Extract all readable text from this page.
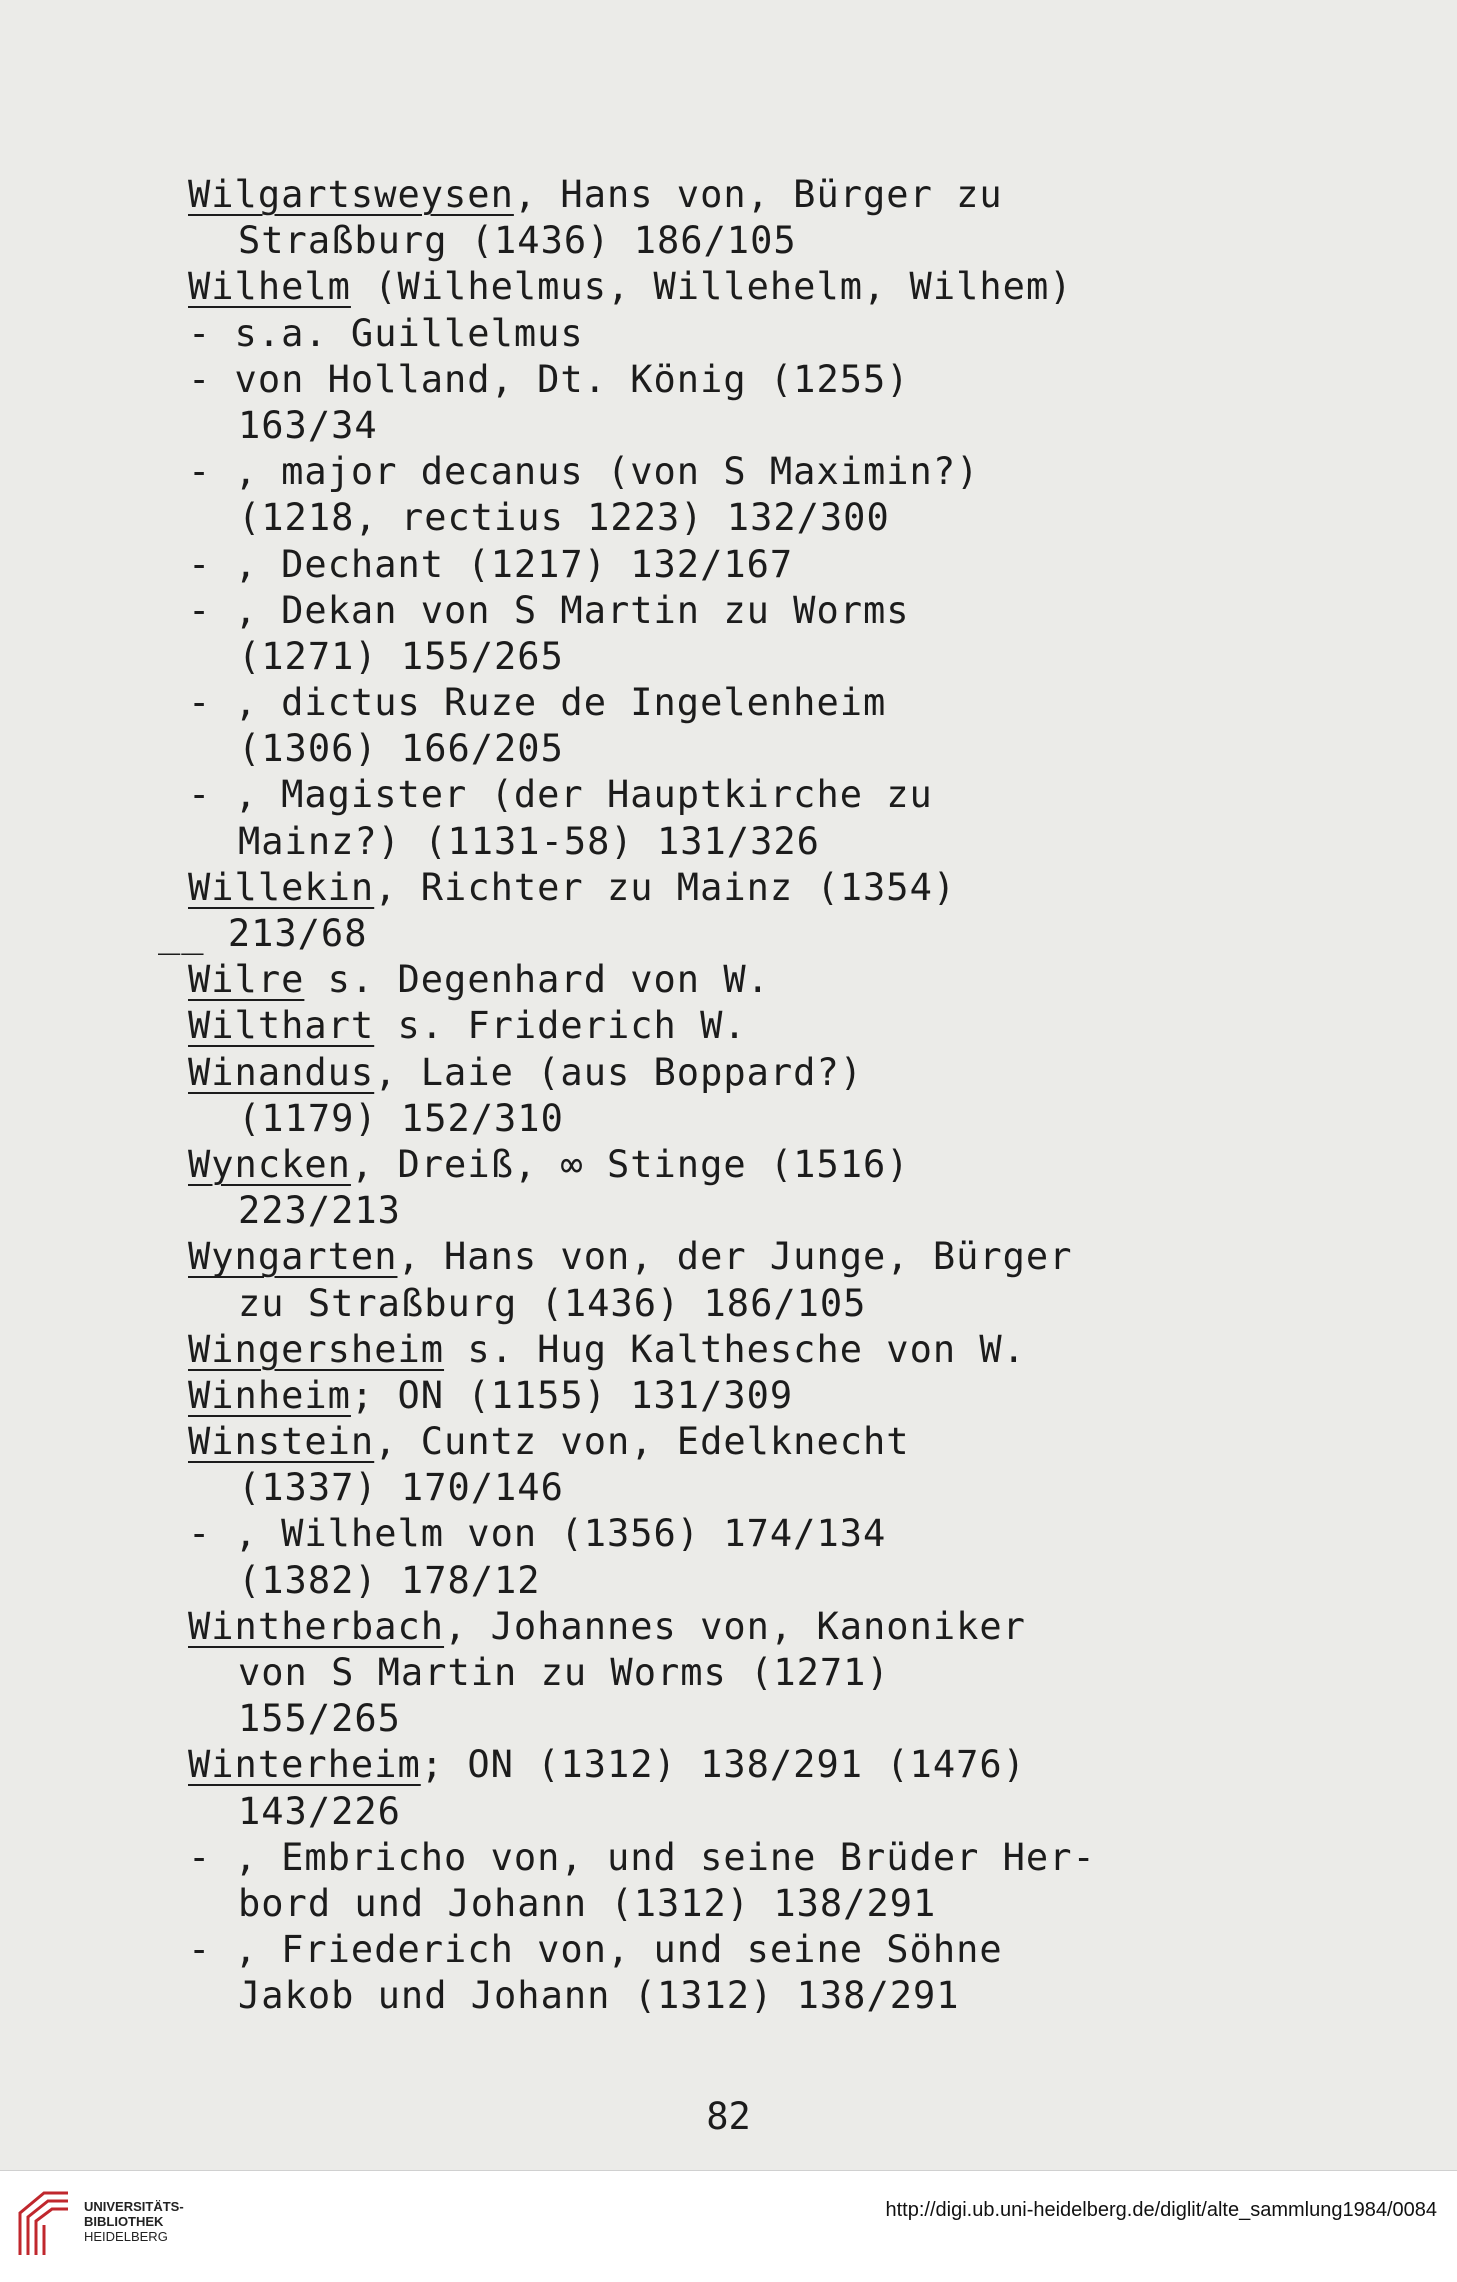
Wilgartsweysen, Hans von, Bürger zu
Straßburg (1436) 186/105
Wilhelm (Wilhelmus, Willehelm, Wilhem)
- s.a. Guillelmus
- von Holland, Dt. König (1255)
163/34
- , major decanus (von S Maximin?)
(1218, rectius 1223) 132/300
- , Dechant (1217) 132/167
- , Dekan von S Martin zu Worms
(1271) 155/265
- , dictus Ruze de Ingelenheim
(1306) 166/205
- , Magister (der Hauptkirche zu
Mainz?) (1131-58) 131/326
Willekin, Richter zu Mainz (1354)
__ 213/68
Wilre s. Degenhard von W.
Wilthart s. Friderich W.
Winandus, Laie (aus Boppard?)
(1179) 152/310
Wyncken, Dreiß, ∞ Stinge (1516)
223/213
Wyngarten, Hans von, der Junge, Bürger
zu Straßburg (1436) 186/105
Wingersheim s. Hug Kalthesche von W.
Winheim; ON (1155) 131/309
Winstein, Cuntz von, Edelknecht
(1337) 170/146
- , Wilhelm von (1356) 174/134
(1382) 178/12
Wintherbach, Johannes von, Kanoniker
von S Martin zu Worms (1271)
155/265
Winterheim; ON (1312) 138/291 (1476)
143/226
- , Embricho von, und seine Brüder Her-
bord und Johann (1312) 138/291
- , Friederich von, und seine Söhne
Jakob und Johann (1312) 138/291
82
UNIVERSITÄTS-
BIBLIOTHEK
HEIDELBERG
http://digi.ub.uni-heidelberg.de/diglit/alte_sammlung1984/0084
